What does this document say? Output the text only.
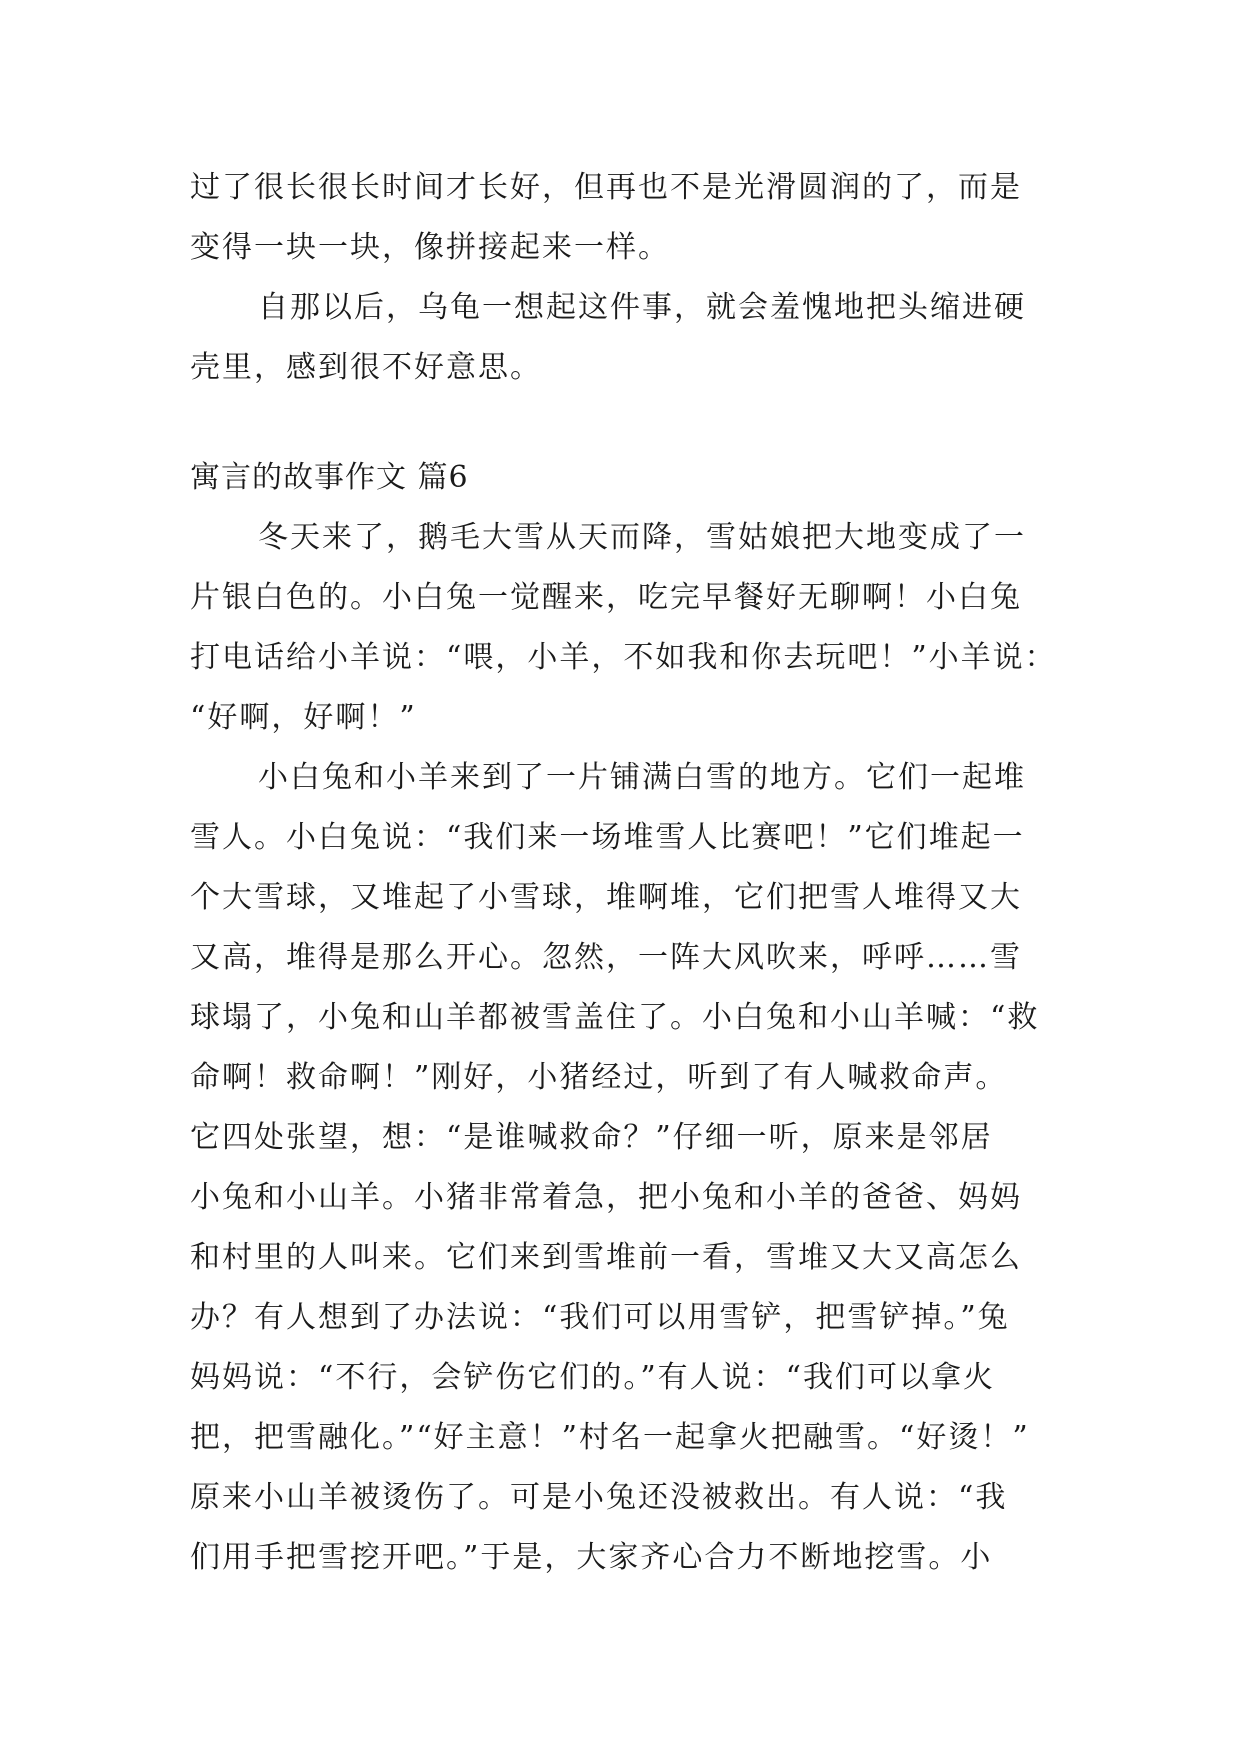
过了很长很长时间才长好，但再也不是光滑圆润的了，而是
变得一块一块，像拼接起来一样。
自那以后，乌龟一想起这件事，就会羞愧地把头缩进硬
壳里，感到很不好意思。
寓言的故事作文 篇6
冬天来了，鹅毛大雪从天而降，雪姑娘把大地变成了一
片银白色的。小白兔一觉醒来，吃完早餐好无聊啊！小白兔
打电话给小羊说：“喂，小羊，不如我和你去玩吧！”小羊说：
“好啊，好啊！”
小白兔和小羊来到了一片铺满白雪的地方。它们一起堆
雪人。小白兔说：“我们来一场堆雪人比赛吧！”它们堆起一
个大雪球，又堆起了小雪球，堆啊堆，它们把雪人堆得又大
又高，堆得是那么开心。忽然，一阵大风吹来，呼呼……雪
球塌了，小兔和山羊都被雪盖住了。小白兔和小山羊喊：“救
命啊！救命啊！”刚好，小猪经过，听到了有人喊救命声。
它四处张望，想：“是谁喊救命？”仔细一听，原来是邻居
小兔和小山羊。小猪非常着急，把小兔和小羊的爸爸、妈妈
和村里的人叫来。它们来到雪堆前一看，雪堆又大又高怎么
办？有人想到了办法说：“我们可以用雪铲，把雪铲掉。”兔
妈妈说：“不行，会铲伤它们的。”有人说：“我们可以拿火
把，把雪融化。”“好主意！”村名一起拿火把融雪。“好烫！”
原来小山羊被烫伤了。可是小兔还没被救出。有人说：“我
们用手把雪挖开吧。”于是，大家齐心合力不断地挖雪。小
